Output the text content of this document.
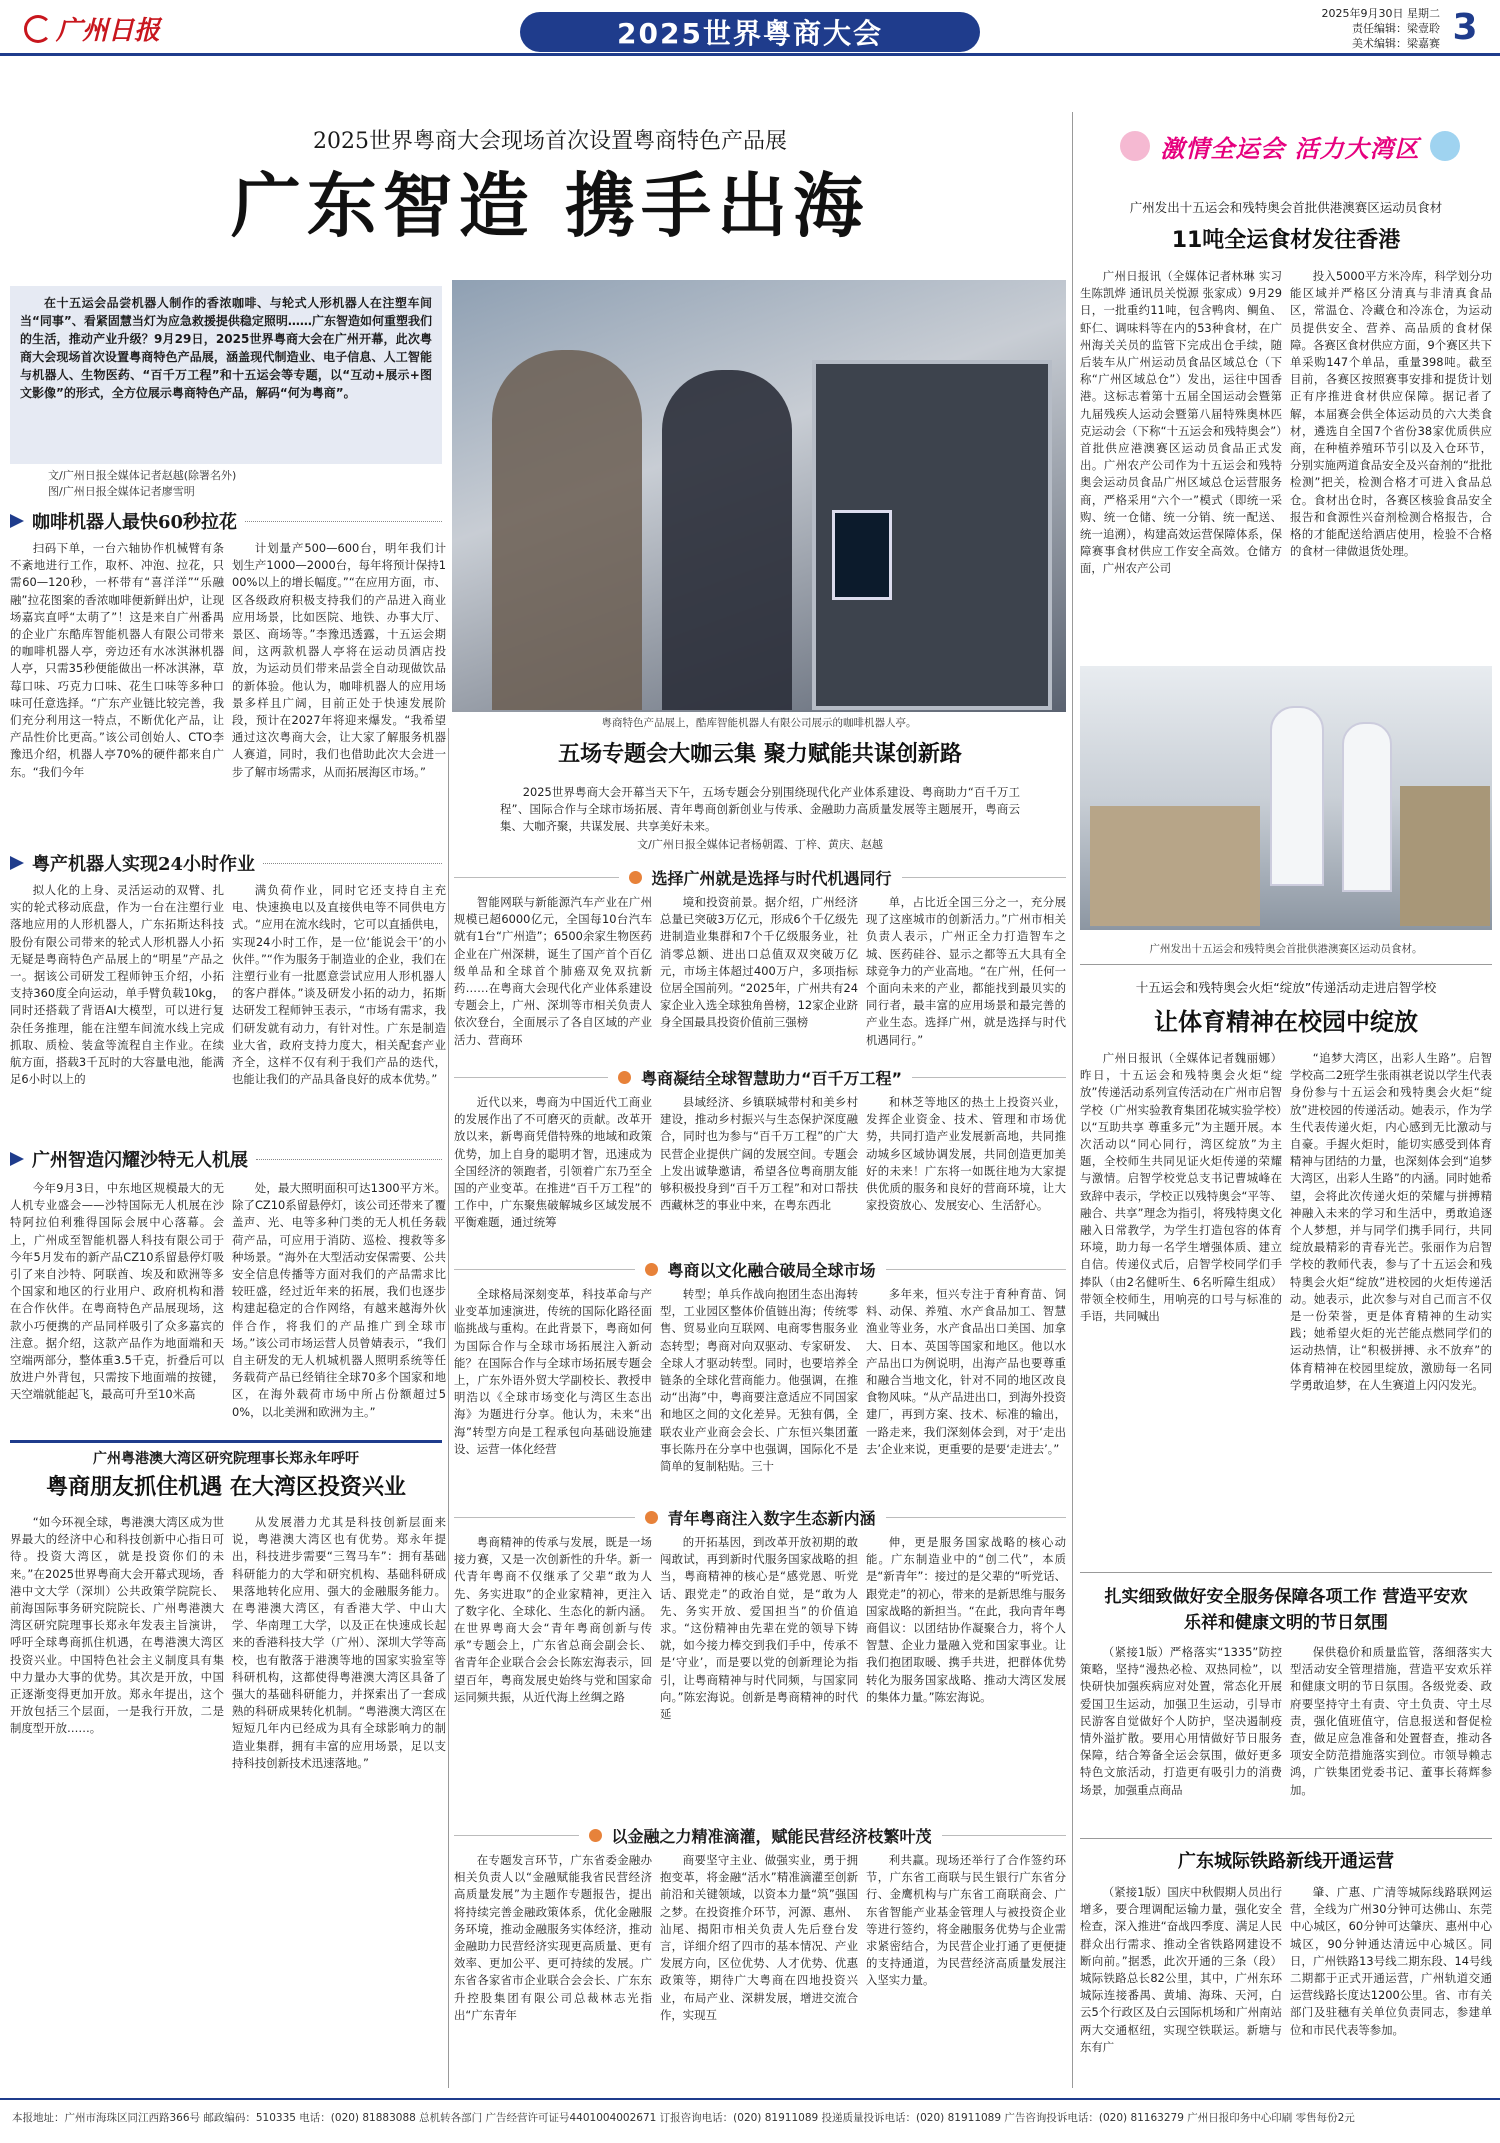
广州日报	2025世界粤商大会
2025年9月30日 星期二
责任编辑：梁壹聆
美术编辑：梁嘉赛 3
2025世界粤商大会现场首次设置粤商特色产品展
广东智造 携手出海
在十五运会品尝机器人制作的香浓咖啡、与轮式人形机器人在注塑车间当“同事”、看紧固慧当灯为应急救援提供稳定照明……广东智造如何重塑我们的生活，推动产业升级？9月29日，2025世界粤商大会在广州开幕，此次粤商大会现场首次设置粤商特色产品展，涵盖现代制造业、电子信息、人工智能与机器人、生物医药、“百千万工程”和十五运会等专题，以“互动+展示+图文影像”的形式，全方位展示粤商特色产品，解码“何为粤商”。
文/广州日报全媒体记者赵越(除署名外)
图/广州日报全媒体记者廖雪明
粤商特色产品展上，酷库智能机器人有限公司展示的咖啡机器人亭。
咖啡机器人最快60秒拉花
扫码下单，一台六轴协作机械臂有条不紊地进行工作，取杯、冲泡、拉花，只需60—120秒，一杯带有“喜洋洋”“乐融融”拉花图案的香浓咖啡便新鲜出炉，让现场嘉宾直呼“太萌了”！这是来自广州番禺的企业广东酷库智能机器人有限公司带来的咖啡机器人亭，旁边还有水冰淇淋机器人亭，只需35秒便能做出一杯冰淇淋，草莓口味、巧克力口味、花生口味等多种口味可任意选择。“广东产业链比较完善，我们充分利用这一特点，不断优化产品，让产品性价比更高。”该公司创始人、CTO李豫迅介绍，机器人亭70%的硬件都来自广东。“我们今年
计划量产500—600台，明年我们计划生产1000—2000台，每年将预计保持100%以上的增长幅度。”“在应用方面，市、区各级政府积极支持我们的产品进入商业应用场景，比如医院、地铁、办事大厅、景区、商场等。”李豫迅透露，十五运会期间，这两款机器人亭将在运动员酒店投放，为运动员们带来品尝全自动现做饮品的新体验。他认为，咖啡机器人的应用场景多样且广阔，目前正处于快速发展阶段，预计在2027年将迎来爆发。“我希望通过这次粤商大会，让大家了解服务机器人赛道，同时，我们也借助此次大会进一步了解市场需求，从而拓展海区市场。”
粤产机器人实现24小时作业
拟人化的上身、灵活运动的双臂、扎实的轮式移动底盘，作为一台在注塑行业落地应用的人形机器人，广东拓斯达科技股份有限公司带来的轮式人形机器人小拓无疑是粤商特色产品展上的“明星”产品之一。据该公司研发工程师钟玉介绍，小拓支持360度全向运动，单手臂负载10kg，同时还搭载了背语AI大模型，可以进行复杂任务推理，能在注塑车间流水线上完成抓取、质检、装盒等流程自主作业。在续航方面，搭载3千瓦时的大容量电池，能满足6小时以上的
满负荷作业，同时它还支持自主充电、快速换电以及直接供电等不同供电方式。“应用在流水线时，它可以直插供电，实现24小时工作，是一位‘能说会干’的小伙伴。”“作为服务于制造业的企业，我们在注塑行业有一批愿意尝试应用人形机器人的客户群体。”谈及研发小拓的动力，拓斯达研发工程师钟玉表示，“市场有需求，我们研发就有动力，有针对性。广东是制造业大省，政府支持力度大，相关配套产业齐全，这样不仅有利于我们产品的迭代，也能让我们的产品具备良好的成本优势。”
广州智造闪耀沙特无人机展
今年9月3日，中东地区规模最大的无人机专业盛会——沙特国际无人机展在沙特阿拉伯利雅得国际会展中心落幕。会上，广州成至智能机器人科技有限公司于今年5月发布的新产品CZ10系留悬停灯吸引了来自沙特、阿联酋、埃及和欧洲等多个国家和地区的行业用户、政府机构和潜在合作伙伴。在粤商特色产品展现场，这款小巧便携的产品同样吸引了众多嘉宾的注意。据介绍，这款产品作为地面端和天空端两部分，整体重3.5千克，折叠后可以放进户外背包，只需按下地面端的按键，天空端就能起飞，最高可升至10米高
处，最大照明面积可达1300平方米。除了CZ10系留悬停灯，该公司还带来了覆盖声、光、电等多种门类的无人机任务载荷产品，可应用于消防、巡检、搜救等多种场景。“海外在大型活动安保需要、公共安全信息传播等方面对我们的产品需求比较旺盛，经过近年来的拓展，我们也逐步构建起稳定的合作网络，有越来越海外伙伴合作，将我们的产品推广到全球市场。”该公司市场运营人员曾婧表示，“我们自主研发的无人机城机器人照明系统等任务载荷产品已经销往全球70多个国家和地区，在海外载荷市场中所占份额超过50%，以北美洲和欧洲为主。”
广州粤港澳大湾区研究院理事长郑永年呼吁
粤商朋友抓住机遇 在大湾区投资兴业
“如今环视全球，粤港澳大湾区成为世界最大的经济中心和科技创新中心指日可待。投资大湾区，就是投资你们的未来。”在2025世界粤商大会开幕式现场，香港中文大学（深圳）公共政策学院院长、前海国际事务研究院院长、广州粤港澳大湾区研究院理事长郑永年发表主旨演讲，呼吁全球粤商抓住机遇，在粤港澳大湾区投资兴业。中国特色社会主义制度具有集中力量办大事的优势。其次是开放，中国正逐渐变得更加开放。郑永年提出，这个开放包括三个层面，一是我行开放，二是制度型开放……。
从发展潜力尤其是科技创新层面来说，粤港澳大湾区也有优势。郑永年提出，科技进步需要“三驾马车”：拥有基础科研能力的大学和研究机构、基础科研成果落地转化应用、强大的金融服务能力。在粤港澳大湾区，有香港大学、中山大学、华南理工大学，以及正在快速成长起来的香港科技大学（广州）、深圳大学等高校，也有散落于港澳等地的国家实验室等科研机构，这都使得粤港澳大湾区具备了强大的基础科研能力，并探索出了一套成熟的科研成果转化机制。“粤港澳大湾区在短短几年内已经成为具有全球影响力的制造业集群，拥有丰富的应用场景，足以支持科技创新技术迅速落地。”
五场专题会大咖云集 聚力赋能共谋创新路
2025世界粤商大会开幕当天下午，五场专题会分别围绕现代化产业体系建设、粤商助力“百千万工程”、国际合作与全球市场拓展、青年粤商创新创业与传承、金融助力高质量发展等主题展开，粤商云集、大咖齐聚，共谋发展、共享美好未来。
文/广州日报全媒体记者杨朝霞、丁梓、黄庆、赵越
选择广州就是选择与时代机遇同行
智能网联与新能源汽车产业在广州规模已超6000亿元，全国每10台汽车就有1台“广州造”；6500余家生物医药企业在广州深耕，诞生了国产首个百亿级单品和全球首个肺癌双免双抗新药……在粤商大会现代化产业体系建设专题会上，广州、深圳等市相关负责人依次登台，全面展示了各自区域的产业活力、营商环
境和投资前景。据介绍，广州经济总量已突破3万亿元，形成6个千亿级先进制造业集群和7个千亿级服务业，社消零总额、进出口总值双双突破万亿元，市场主体超过400万户，多项指标位居全国前列。“2025年，广州共有24家企业入选全球独角兽榜，12家企业跻身全国最具投资价值前三强榜
单，占比近全国三分之一，充分展现了这座城市的创新活力。”广州市相关负责人表示，广州正全力打造智车之城、医药硅谷、显示之都等五大具有全球竞争力的产业高地。“在广州，任何一个面向未来的产业，都能找到最贝实的同行者，最丰富的应用场景和最完善的产业生态。选择广州，就是选择与时代机遇同行。”
粤商凝结全球智慧助力“百千万工程”
近代以来，粤商为中国近代工商业的发展作出了不可磨灭的贡献。改革开放以来，新粤商凭借特殊的地域和政策优势，加上自身的聪明才智，迅速成为全国经济的领跑者，引领着广东乃至全国的产业变革。在推进“百千万工程”的工作中，广东聚焦破解城乡区域发展不平衡难题，通过统筹
县域经济、乡镇联城带村和美乡村建设，推动乡村振兴与生态保护深度融合，同时也为参与“百千万工程”的广大民营企业提供广阔的发展空间。专题会上发出诚挚邀请，希望各位粤商朋友能够积极投身到“百千万工程”和对口帮扶西藏林芝的事业中来，在粤东西北
和林芝等地区的热土上投资兴业，发挥企业资金、技术、管理和市场优势，共同打造产业发展新高地，共同推动城乡区域协调发展，共同创造更加美好的未来！广东将一如既往地为大家提供优质的服务和良好的营商环境，让大家投资放心、发展安心、生活舒心。
粤商以文化融合破局全球市场
全球格局深刻变革，科技革命与产业变革加速演进，传统的国际化路径面临挑战与重构。在此背景下，粤商如何为国际合作与全球市场拓展注入新动能？在国际合作与全球市场拓展专题会上，广东外语外贸大学副校长、教授申明浩以《全球市场变化与湾区生态出海》为题进行分享。他认为，未来“出海”转型方向是工程承包向基础设施建设、运营一体化经营
转型；单兵作战向抱团生态出海转型，工业园区整体价值链出海；传统零售、贸易业向互联网、电商零售服务业态转型；粤商对向双驱动、专家研发、全球人才驱动转型。同时，也要培养全链条的全球化营商能力。他强调，在推动“出海”中，粤商要注意适应不同国家和地区之间的文化差异。无独有偶，全联农业产业商会会长、广东恒兴集团董事长陈丹在分享中也强调，国际化不是简单的复制粘贴。三十
多年来，恒兴专注于育种育苗、饲料、动保、养殖、水产食品加工、智慧渔业等业务，水产食品出口美国、加拿大、日本、英国等国家和地区。他以水产品出口为例说明，出海产品也要尊重和融合当地文化，针对不同的地区改良食物风味。“从产品进出口，到海外投资建厂，再到方案、技术、标准的输出，一路走来，我们深刻体会到，对于‘走出去’企业来说，更重要的是要‘走进去’。”
青年粤商注入数字生态新内涵
粤商精神的传承与发展，既是一场接力赛，又是一次创新性的升华。新一代青年粤商不仅继承了父辈“敢为人先、务实进取”的企业家精神，更注入了数字化、全球化、生态化的新内涵。在世界粤商大会“青年粤商创新与传承”专题会上，广东省总商会副会长、省青年企业联合会会长陈宏海表示，回望百年，粤商发展史始终与党和国家命运同频共振，从近代海上丝绸之路
的开拓基因，到改革开放初期的敢闯敢试，再到新时代服务国家战略的担当，粤商精神的核心是“感党恩、听党话、跟党走”的政治自觉，是“敢为人先、务实开放、爱国担当”的价值追求。“这份精神由先辈在党的领导下铸就，如今接力棒交到我们手中，传承不是‘守业’，而是要以党的创新理论为指引，让粤商精神与时代同频，与国家同向。”陈宏海说。创新是粤商精神的时代延
伸，更是服务国家战略的核心动能。广东制造业中的“创二代”，本质是“新青年”：接过的是父辈的“听党话、跟党走”的初心，带来的是新思维与服务国家战略的新担当。“在此，我向青年粤商倡议：以团结协作凝聚合力，将个人智慧、企业力量融入党和国家事业。让我们抱团取暖、携手共进，把群体优势转化为服务国家战略、推动大湾区发展的集体力量。”陈宏海说。
以金融之力精准滴灌，赋能民营经济枝繁叶茂
在专题发言环节，广东省委金融办相关负责人以“金融赋能我省民营经济高质量发展”为主题作专题报告，提出将持续完善金融政策体系，优化金融服务环境，推动金融服务实体经济，推动金融助力民营经济实现更高质量、更有效率、更加公平、更可持续的发展。广东省各家省市企业联合会会长、广东东升控股集团有限公司总裁林志光指出“广东青年
商要坚守主业、做强实业，勇于拥抱变革，将金融“活水”精准滴灌至创新前沿和关键领域，以资本力量“筑”强国之梦。在投资推介环节，河源、惠州、汕尾、揭阳市相关负责人先后登台发言，详细介绍了四市的基本情况、产业发展方向，区位优势、人才优势、优惠政策等，期待广大粤商在四地投资兴业，布局产业、深耕发展，增进交流合作，实现互
利共赢。现场还举行了合作签约环节，广东省工商联与民生银行广东省分行、金鹰机构与广东省工商联商会、广东省智能产业基金管理人与被投资企业等进行签约，将金融服务优势与企业需求紧密结合，为民营企业打通了更便捷的支持通道，为民营经济高质量发展注入坚实力量。
激情全运会 活力大湾区
广州发出十五运会和残特奥会首批供港澳赛区运动员食材
11吨全运食材发往香港
广州日报讯（全媒体记者林琳 实习生陈凯烨 通讯员关悦源 张家成）9月29日，一批重约11吨，包含鸭肉、鲷鱼、虾仁、调味料等在内的53种食材，在广州海关关员的监管下完成出仓手续，随后装车从广州运动员食品区域总仓（下称“广州区域总仓”）发出，运往中国香港。这标志着第十五届全国运动会暨第九届残疾人运动会暨第八届特殊奥林匹克运动会（下称“十五运会和残特奥会”）首批供应港澳赛区运动员食品正式发出。广州农产公司作为十五运会和残特奥会运动员食品广州区域总仓运营服务商，严格采用“六个一”模式（即统一采购、统一仓储、统一分销、统一配送、统一追溯），构建高效运营保障体系，保障赛事食材供应工作安全高效。仓储方面，广州农产公司
投入5000平方米冷库，科学划分功能区域并严格区分清真与非清真食品区，常温仓、冷藏仓和冷冻仓，为运动员提供安全、营养、高品质的食材保障。各赛区食材供应方面，9个赛区共下单采购147个单品，重量398吨。截至目前，各赛区按照赛事安排和提货计划正有序推进食材供应保障。据记者了解，本届赛会供全体运动员的六大类食材，遴选自全国7个省份38家优质供应商，在种植养殖环节引以及入仓环节，分别实施两道食品安全及兴奋剂的“批批检测”把关，检测合格才可进入食品总仓。食材出仓时，各赛区核验食品安全报告和食源性兴奋剂检测合格报告，合格的才能配送给酒店使用，检验不合格的食材一律做退货处理。
广州发出十五运会和残特奥会首批供港澳赛区运动员食材。
十五运会和残特奥会火炬“绽放”传递活动走进启智学校
让体育精神在校园中绽放
广州日报讯（全媒体记者魏丽娜）昨日，十五运会和残特奥会火炬“绽放”传递活动系列宣传活动在广州市启智学校（广州实验教育集团花城实验学校）以“互助共享 尊重多元”为主题开展。本次活动以“同心同行，湾区绽放”为主题，全校师生共同见证火炬传递的荣耀与激情。启智学校党总支书记曹城峰在致辞中表示，学校正以残特奥会“平等、融合、共享”理念为指引，将残特奥文化融入日常教学，为学生打造包容的体育环境，助力每一名学生增强体质、建立自信。传递仪式后，启智学校同学们手捧队（由2名健听生、6名听障生组成）带领全校师生，用响亮的口号与标准的手语，共同喊出
“追梦大湾区，出彩人生路”。启智学校高二2班学生张雨祺老说以学生代表身份参与十五运会和残特奥会火炬“绽放”进校园的传递活动。她表示，作为学生代表传递火炬，内心感到无比激动与自豪。手握火炬时，能切实感受到体育精神与团结的力量，也深刻体会到“追梦大湾区，出彩人生路”的内涵。同时她希望，会将此次传递火炬的荣耀与拼搏精神融入未来的学习和生活中，勇敢追逐个人梦想，并与同学们携手同行，共同绽放最精彩的青春光芒。张丽作为启智学校的教师代表，参与了十五运会和残特奥会火炬“绽放”进校园的火炬传递活动。她表示，此次参与对自己而言不仅是一份荣誉，更是体育精神的生动实践；她希望火炬的光芒能点燃同学们的运动热情，让“积极拼搏、永不放弃”的体育精神在校园里绽放，激励每一名同学勇敢追梦，在人生赛道上闪闪发光。
扎实细致做好安全服务保障各项工作 营造平安欢乐祥和健康文明的节日氛围
（紧接1版）严格落实“1335”防控策略，坚持“漫热必检、双热同检”，以快研快加强疾病应对处置，常态化开展爱国卫生运动，加强卫生运动，引导市民游客自觉做好个人防护，坚决遏制疫情外溢扩散。要用心用情做好节日服务保障，结合筹备全运会氛围，做好更多特色文旅活动，打造更有吸引力的消费场景，加强重点商品
保供稳价和质量监管，落细落实大型活动安全管理措施，营造平安欢乐祥和健康文明的节日氛围。各级党委、政府要坚持守土有责、守土负责、守土尽责，强化值班值守，信息报送和督促检查，做足应急准备和处置督查，推动各项安全防范措施落实到位。市领导赖志鸿，广铁集团党委书记、董事长蒋辉参加。
广东城际铁路新线开通运营
（紧接1版）国庆中秋假期人员出行增多，要合理调配运输力量，强化安全检查，深入推进“奋战四季度、满足人民群众出行需求、推动全省铁路网建设不断向前。”据悉，此次开通的三条（段）城际铁路总长82公里，其中，广州东环城际连接番禺、黄埔、海珠、天河，白云5个行政区及白云国际机场和广州南站两大交通枢纽，实现空铁联运。新塘与东有广
肇、广惠、广清等城际线路联网运营，全线为广州30分钟可达佛山、东莞中心城区，60分钟可达肇庆、惠州中心城区，90分钟通达清远中心城区。同日，广州铁路13号线二期东段、14号线二期都于正式开通运营，广州轨道交通运营线路长度达1200公里。省、市有关部门及驻穗有关单位负责同志，参建单位和市民代表等参加。
本报地址：广州市海珠区同江西路366号 邮政编码：510335 电话：(020) 81883088 总机转各部门 广告经营许可证号4401004002671 订报咨询电话：(020) 81911089 投递质量投诉电话：(020) 81911089 广告咨询投诉电话：(020) 81163279 广州日报印务中心印刷 零售每份2元
